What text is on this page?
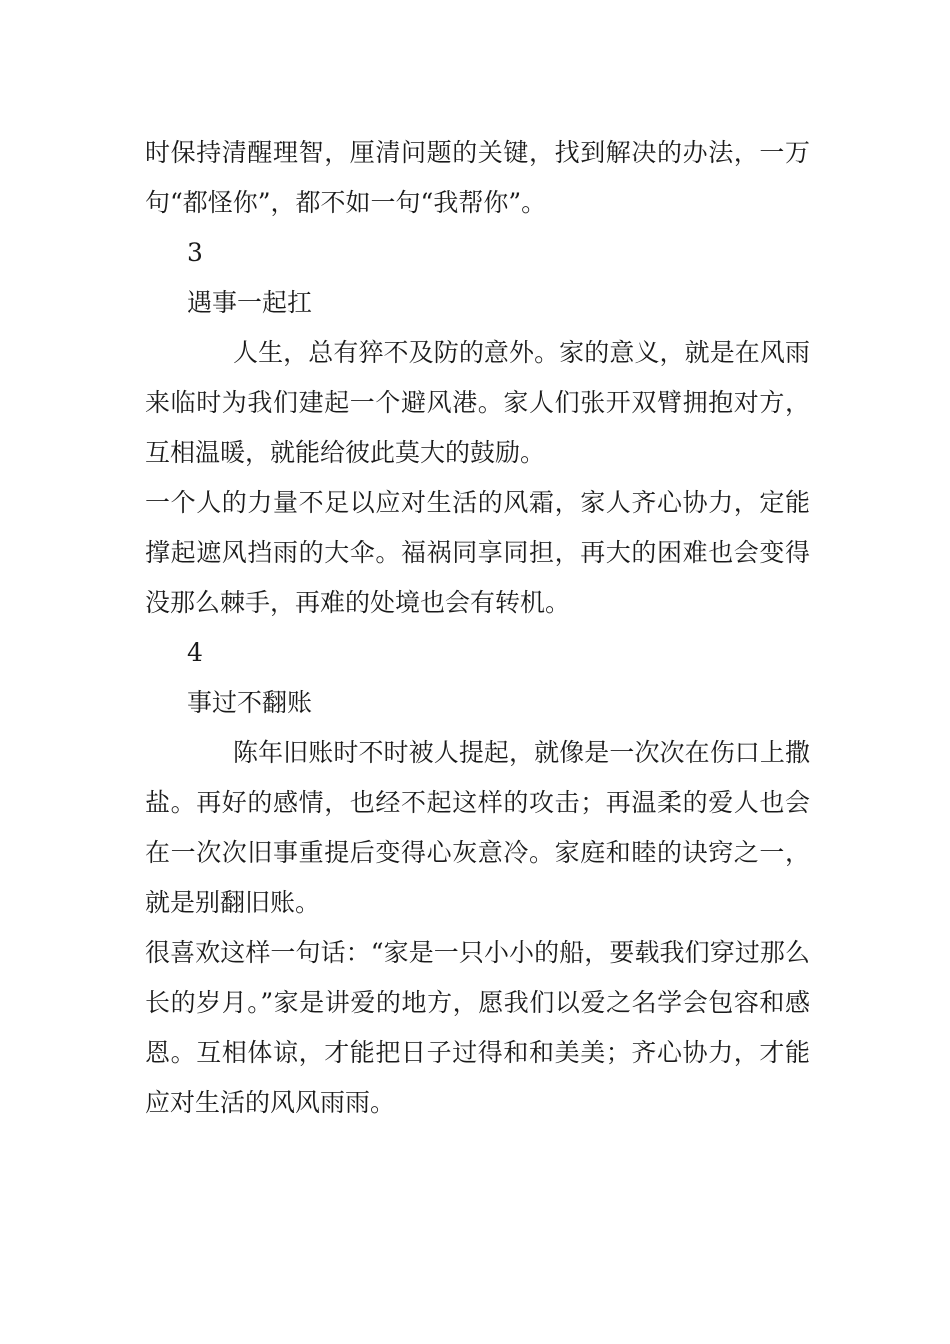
时保持清醒理智，厘清问题的关键，找到解决的办法，一万句“都怪你”，都不如一句“我帮你”。

3

遇事一起扛

人生，总有猝不及防的意外。家的意义，就是在风雨来临时为我们建起一个避风港。家人们张开双臂拥抱对方，互相温暖，就能给彼此莫大的鼓励。

一个人的力量不足以应对生活的风霜，家人齐心协力，定能撑起遮风挡雨的大伞。福祸同享同担，再大的困难也会变得没那么棘手，再难的处境也会有转机。

4

事过不翻账

陈年旧账时不时被人提起，就像是一次次在伤口上撒盐。再好的感情，也经不起这样的攻击；再温柔的爱人也会在一次次旧事重提后变得心灰意冷。家庭和睦的诀窍之一，就是别翻旧账。

很喜欢这样一句话：“家是一只小小的船，要载我们穿过那么长的岁月。”家是讲爱的地方，愿我们以爱之名学会包容和感恩。互相体谅，才能把日子过得和和美美；齐心协力，才能应对生活的风风雨雨。
